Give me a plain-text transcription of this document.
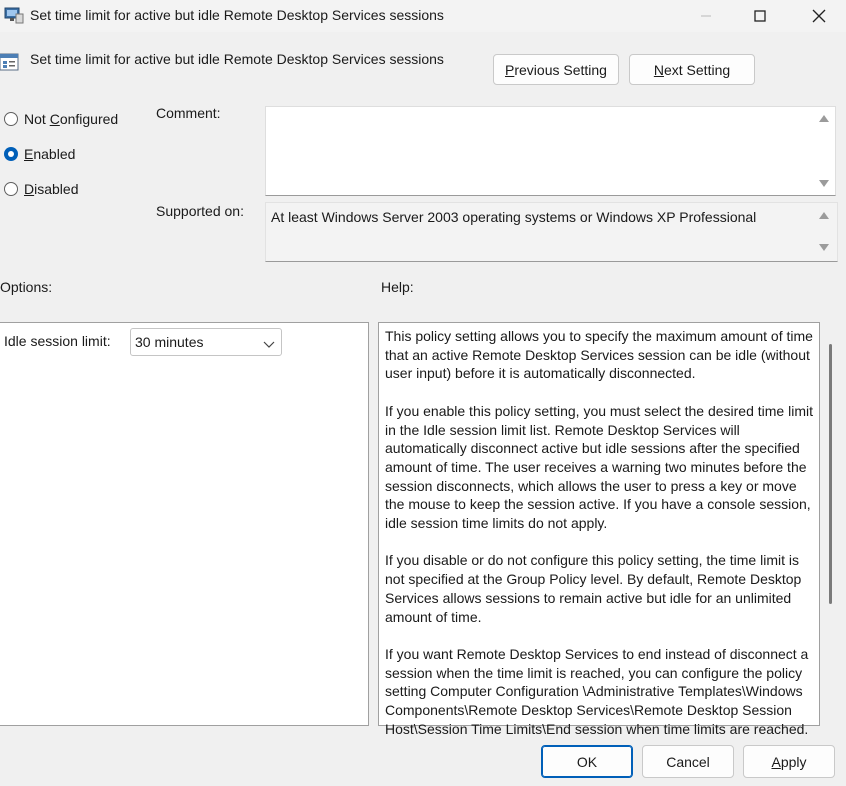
Set time limit for active but idle Remote Desktop Services sessions
Set time limit for active but idle Remote Desktop Services sessions
P revious Setting	N ext Setting
Not Configured
Enabled
Disabled
Comment:
Supported on: At least Windows Server 2003 operating systems or Windows XP Professional
Options:	Help:
Idle session limit: 30 minutes	This policy setting allows you to specify the maximum amount of time that an active Remote Desktop Services session can be idle (without user input) before it is automatically disconnected.

If you enable this policy setting, you must select the desired time limit in the Idle session limit list. Remote Desktop Services will automatically disconnect active but idle sessions after the specified amount of time. The user receives a warning two minutes before the session disconnects, which allows the user to press a key or move the mouse to keep the session active. If you have a console session, idle session time limits do not apply.

If you disable or do not configure this policy setting, the time limit is not specified at the Group Policy level. By default, Remote Desktop Services allows sessions to remain active but idle for an unlimited amount of time.

If you want Remote Desktop Services to end instead of disconnect a session when the time limit is reached, you can configure the policy setting Computer Configuration \Administrative Templates\Windows Components\Remote Desktop Services\Remote Desktop Session Host\Session Time Limits\End session when time limits are reached.

OK	Cancel	A pply
